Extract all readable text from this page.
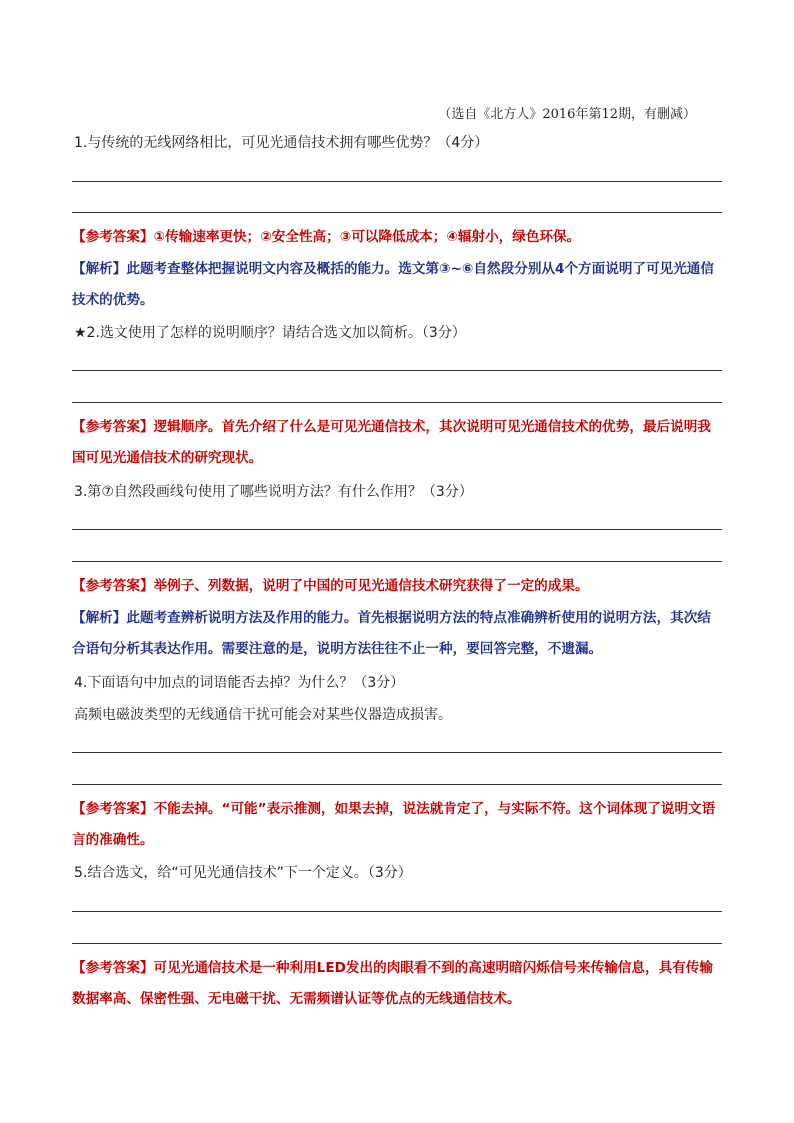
（选自《北方人》2016年第12期，有删减）
1.与传统的无线网络相比，可见光通信技术拥有哪些优势？（4分）
【参考答案】①传输速率更快；②安全性高；③可以降低成本；④辐射小，绿色环保。
【解析】此题考查整体把握说明文内容及概括的能力。选文第③~⑥自然段分别从4个方面说明了可见光通信技术的优势。
★2.选文使用了怎样的说明顺序？请结合选文加以简析。（3分）
【参考答案】逻辑顺序。首先介绍了什么是可见光通信技术，其次说明可见光通信技术的优势，最后说明我国可见光通信技术的研究现状。
3.第⑦自然段画线句使用了哪些说明方法？有什么作用？（3分）
【参考答案】举例子、列数据，说明了中国的可见光通信技术研究获得了一定的成果。
【解析】此题考查辨析说明方法及作用的能力。首先根据说明方法的特点准确辨析使用的说明方法，其次结合语句分析其表达作用。需要注意的是，说明方法往往不止一种，要回答完整，不遗漏。
4.下面语句中加点的词语能否去掉？为什么？（3分）
高频电磁波类型的无线通信干扰可能会对某些仪器造成损害。
【参考答案】不能去掉。“可能”表示推测，如果去掉，说法就肯定了，与实际不符。这个词体现了说明文语言的准确性。
5.结合选文，给“可见光通信技术”下一个定义。（3分）
【参考答案】可见光通信技术是一种利用LED发出的肉眼看不到的高速明暗闪烁信号来传输信息，具有传输数据率高、保密性强、无电磁干扰、无需频谱认证等优点的无线通信技术。
